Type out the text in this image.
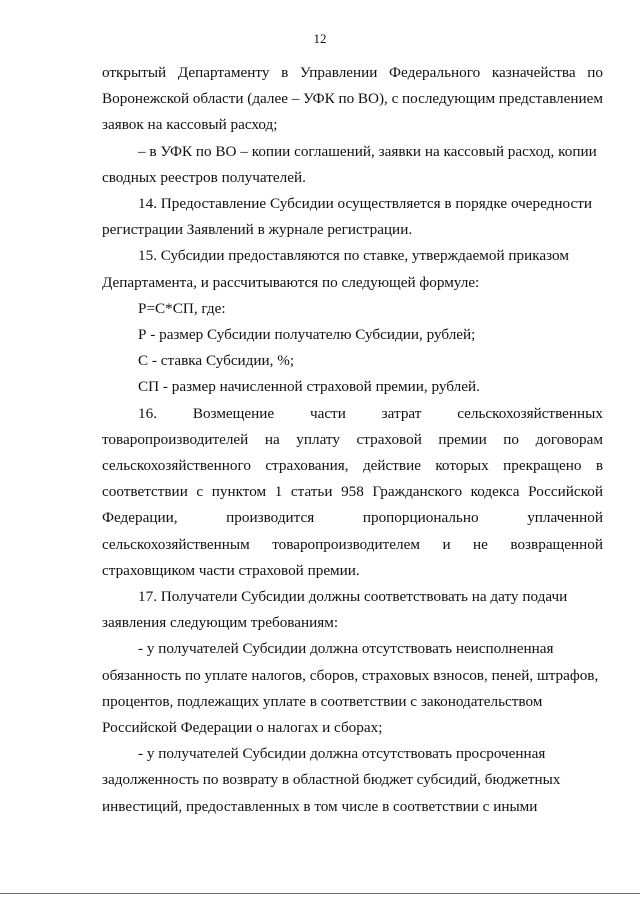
12
открытый Департаменту в Управлении Федерального казначейства по
Воронежской области (далее – УФК по ВО), с последующим представлением
заявок на кассовый расход;
– в УФК по ВО – копии соглашений, заявки на кассовый расход, копии
сводных реестров получателей.
14. Предоставление Субсидии осуществляется в порядке очередности
регистрации Заявлений в журнале регистрации.
15. Субсидии предоставляются по ставке, утверждаемой приказом
Департамента, и рассчитываются по следующей формуле:
Р=С*СП, где:
Р - размер Субсидии получателю Субсидии, рублей;
С - ставка Субсидии, %;
СП - размер начисленной страховой премии, рублей.
16. Возмещение части затрат сельскохозяйственных
товаропроизводителей на уплату страховой премии по договорам
сельскохозяйственного страхования, действие которых прекращено в
соответствии с пунктом 1 статьи 958 Гражданского кодекса Российской
Федерации,	производится	пропорционально	уплаченной
сельскохозяйственным товаропроизводителем и не возвращенной
страховщиком части страховой премии.
17. Получатели Субсидии должны соответствовать на дату подачи
заявления следующим требованиям:
- у получателей Субсидии должна отсутствовать неисполненная
обязанность по уплате налогов, сборов, страховых взносов, пеней, штрафов,
процентов, подлежащих уплате в соответствии с законодательством
Российской Федерации о налогах и сборах;
- у получателей Субсидии должна отсутствовать просроченная
задолженность по возврату в областной бюджет субсидий, бюджетных
инвестиций, предоставленных в том числе в соответствии с иными
